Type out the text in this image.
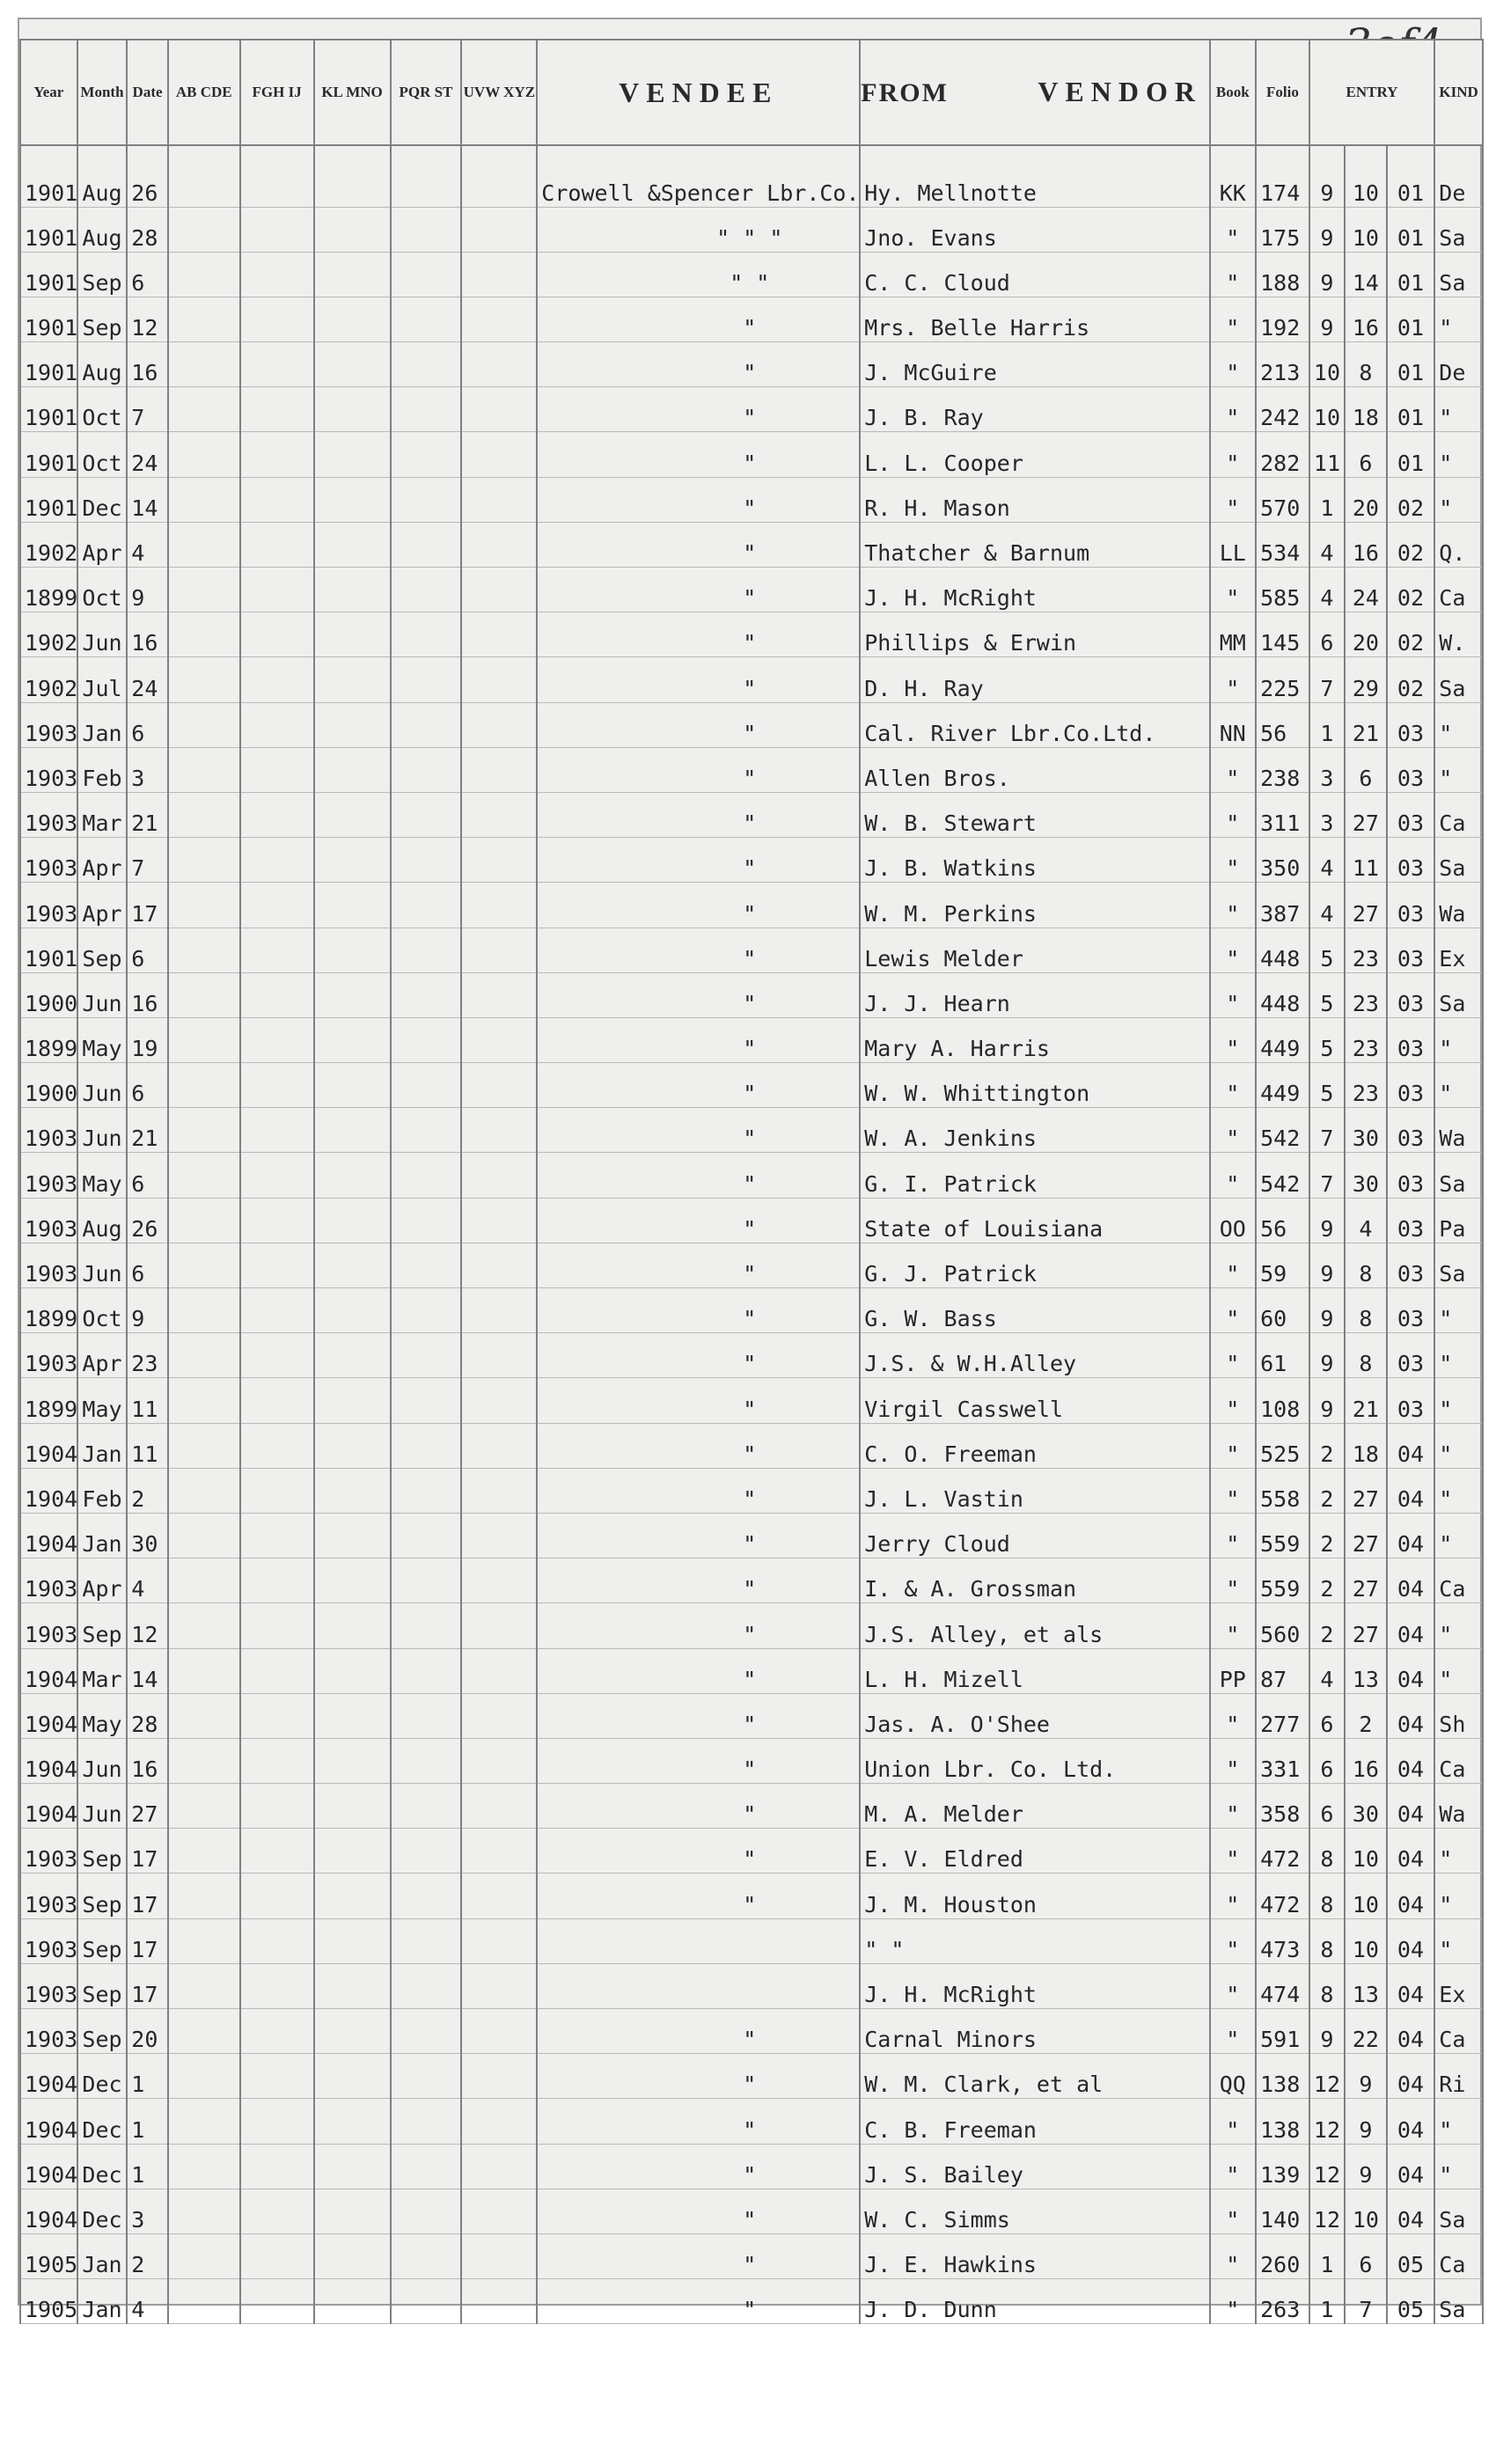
Year	Month	Date	AB CDE	FGH IJ	KL MNO	PQR ST	UVW XYZ	VENDEE	FROM VENDOR	Book	Folio	ENTRY			KIND
1901	Aug	26						Crowell &Spencer Lbr.Co.	Hy. Mellnotte	KK	174	9	10	01	De
1901	Aug	28						" " "	Jno. Evans	"	175	9	10	01	Sa
1901	Sep	6						" "	C. C. Cloud	"	188	9	14	01	Sa
1901	Sep	12						"	Mrs. Belle Harris	"	192	9	16	01	"
1901	Aug	16						"	J. McGuire	"	213	10	8	01	De
1901	Oct	7						"	J. B. Ray	"	242	10	18	01	"
1901	Oct	24						"	L. L. Cooper	"	282	11	6	01	"
1901	Dec	14						"	R. H. Mason	"	570	1	20	02	"
1902	Apr	4						"	Thatcher & Barnum	LL	534	4	16	02	Q.
1899	Oct	9						"	J. H. McRight	"	585	4	24	02	Ca
1902	Jun	16						"	Phillips & Erwin	MM	145	6	20	02	W.
1902	Jul	24						"	D. H. Ray	"	225	7	29	02	Sa
1903	Jan	6						"	Cal. River Lbr.Co.Ltd.	NN	56	1	21	03	"
1903	Feb	3						"	Allen Bros.	"	238	3	6	03	"
1903	Mar	21						"	W. B. Stewart	"	311	3	27	03	Ca
1903	Apr	7						"	J. B. Watkins	"	350	4	11	03	Sa
1903	Apr	17						"	W. M. Perkins	"	387	4	27	03	Wa
1901	Sep	6						"	Lewis Melder	"	448	5	23	03	Ex
1900	Jun	16						"	J. J. Hearn	"	448	5	23	03	Sa
1899	May	19						"	Mary A. Harris	"	449	5	23	03	"
1900	Jun	6						"	W. W. Whittington	"	449	5	23	03	"
1903	Jun	21						"	W. A. Jenkins	"	542	7	30	03	Wa
1903	May	6						"	G. I. Patrick	"	542	7	30	03	Sa
1903	Aug	26						"	State of Louisiana	OO	56	9	4	03	Pa
1903	Jun	6						"	G. J. Patrick	"	59	9	8	03	Sa
1899	Oct	9						"	G. W. Bass	"	60	9	8	03	"
1903	Apr	23						"	J.S. & W.H.Alley	"	61	9	8	03	"
1899	May	11						"	Virgil Casswell	"	108	9	21	03	"
1904	Jan	11						"	C. O. Freeman	"	525	2	18	04	"
1904	Feb	2						"	J. L. Vastin	"	558	2	27	04	"
1904	Jan	30						"	Jerry Cloud	"	559	2	27	04	"
1903	Apr	4						"	I. & A. Grossman	"	559	2	27	04	Ca
1903	Sep	12						"	J.S. Alley, et als	"	560	2	27	04	"
1904	Mar	14						"	L. H. Mizell	PP	87	4	13	04	"
1904	May	28						"	Jas. A. O'Shee	"	277	6	2	04	Sh
1904	Jun	16						"	Union Lbr. Co. Ltd.	"	331	6	16	04	Ca
1904	Jun	27						"	M. A. Melder	"	358	6	30	04	Wa
1903	Sep	17						"	E. V. Eldred	"	472	8	10	04	"
1903	Sep	17						"	J. M. Houston	"	472	8	10	04	"
1903	Sep	17							" "	"	473	8	10	04	"
1903	Sep	17							J. H. McRight	"	474	8	13	04	Ex
1903	Sep	20						"	Carnal Minors	"	591	9	22	04	Ca
1904	Dec	1						"	W. M. Clark, et al	QQ	138	12	9	04	Ri
1904	Dec	1						"	C. B. Freeman	"	138	12	9	04	"
1904	Dec	1						"	J. S. Bailey	"	139	12	9	04	"
1904	Dec	3						"	W. C. Simms	"	140	12	10	04	Sa
1905	Jan	2						"	J. E. Hawkins	"	260	1	6	05	Ca
1905	Jan	4						"	J. D. Dunn	"	263	1	7	05	Sa
